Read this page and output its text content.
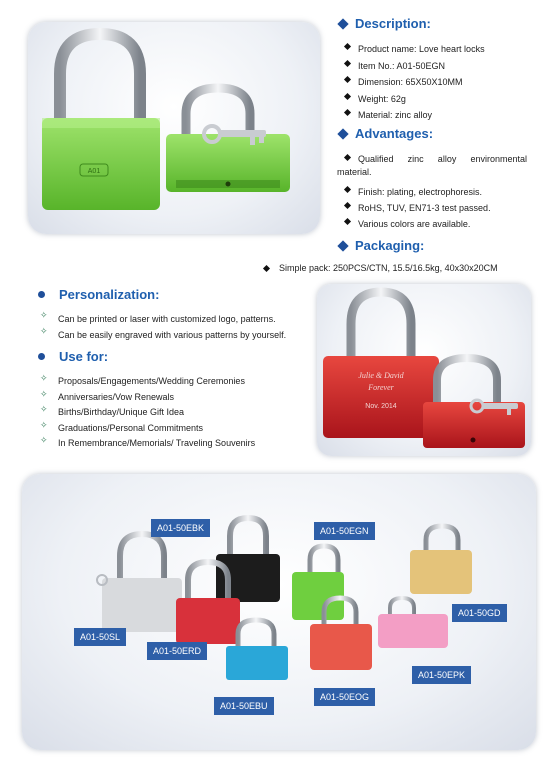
A01
Description:
Product name: Love heart locks
Item No.: A01-50EGN
Dimension: 65X50X10MM
Weight: 62g
Material: zinc alloy
Advantages:
Qualified zinc alloy environmental
material.
Finish: plating, electrophoresis.
RoHS, TUV, EN71-3 test passed.
Various colors are available.
Packaging:
Simple pack: 250PCS/CTN, 15.5/16.5kg, 40x30x20CM
Personalization:
✧ Can be printed or laser with customized logo, patterns.
✧ Can be easily engraved with various patterns by yourself.
Use for:
✧ Proposals/Engagements/Wedding Ceremonies
✧ Anniversaries/Vow Renewals
✧ Births/Birthday/Unique Gift Idea
✧ Graduations/Personal Commitments
✧ In Remembrance/Memorials/ Traveling Souvenirs
Julie & David
Forever
Nov. 2014
A01-50SL
A01-50EBK
A01-50ERD
A01-50EBU
A01-50EGN
A01-50EOG
A01-50GD
A01-50EPK
